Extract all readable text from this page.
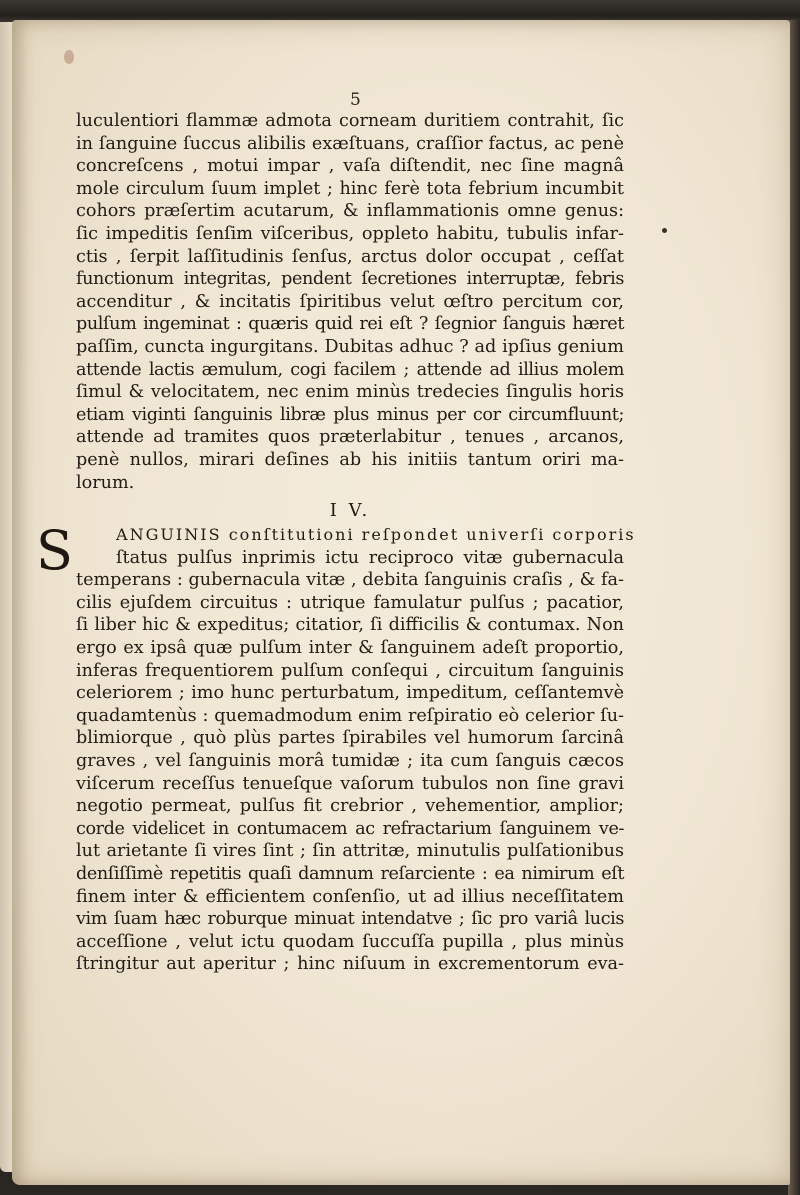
5
luculentiori flammæ admota corneam duritiem contrahit, ſic
in ſanguine ſuccus alibilis exæſtuans, craſſior factus, ac penè
concreſcens , motui impar , vaſa diſtendit, nec ſine magnâ
mole circulum ſuum implet ; hinc ferè tota febrium incumbit
cohors præſertim acutarum, & inflammationis omne genus:
ſic impeditis ſenſim viſceribus, oppleto habitu, tubulis infar-
ctis , ſerpit laſſitudinis ſenſus, arctus dolor occupat , ceſſat
functionum integritas, pendent ſecretiones interruptæ, febris
accenditur , & incitatis ſpiritibus velut œſtro percitum cor,
pulſum ingeminat : quæris quid rei eſt ? ſegnior ſanguis hæret
paſſim, cuncta ingurgitans. Dubitas adhuc ? ad ipſius genium
attende lactis æmulum, cogi facilem ; attende ad illius molem
ſimul & velocitatem, nec enim minùs tredecies ſingulis horis
etiam viginti ſanguinis libræ plus minus per cor circumfluunt;
attende ad tramites quos præterlabitur , tenues , arcanos,
penè nullos, mirari deſines ab his initiis tantum oriri ma-
lorum.
I V.
S	ANGUINIS conſtitutioni reſpondet univerſi corporis
ſtatus pulſus inprimis ictu reciproco vitæ gubernacula
temperans : gubernacula vitæ , debita ſanguinis craſis , & fa-
cilis ejuſdem circuitus : utrique famulatur pulſus ; pacatior,
ſi liber hic & expeditus; citatior, ſi difficilis & contumax. Non
ergo ex ipsâ quæ pulſum inter & ſanguinem adeſt proportio,
inferas frequentiorem pulſum conſequi , circuitum ſanguinis
celeriorem ; imo hunc perturbatum, impeditum, ceſſantemvè
quadamtenùs : quemadmodum enim reſpiratio eò celerior ſu-
blimiorque , quò plùs partes ſpirabiles vel humorum ſarcinâ
graves , vel ſanguinis morâ tumidæ ; ita cum ſanguis cæcos
viſcerum receſſus tenueſque vaſorum tubulos non ſine gravi
negotio permeat, pulſus fit crebrior , vehementior, amplior;
corde videlicet in contumacem ac refractarium ſanguinem ve-
lut arietante ſi vires ſint ; ſin attritæ, minutulis pulſationibus
denſiſſimè repetitis quaſi damnum reſarciente : ea nimirum eſt
finem inter & efficientem conſenſio, ut ad illius neceſſitatem
vim ſuam hæc roburque minuat intendatve ; ſic pro variâ lucis
acceſſione , velut ictu quodam ſuccuſſa pupilla , plus minùs
ſtringitur aut aperitur ; hinc niſuum in excrementorum eva-
